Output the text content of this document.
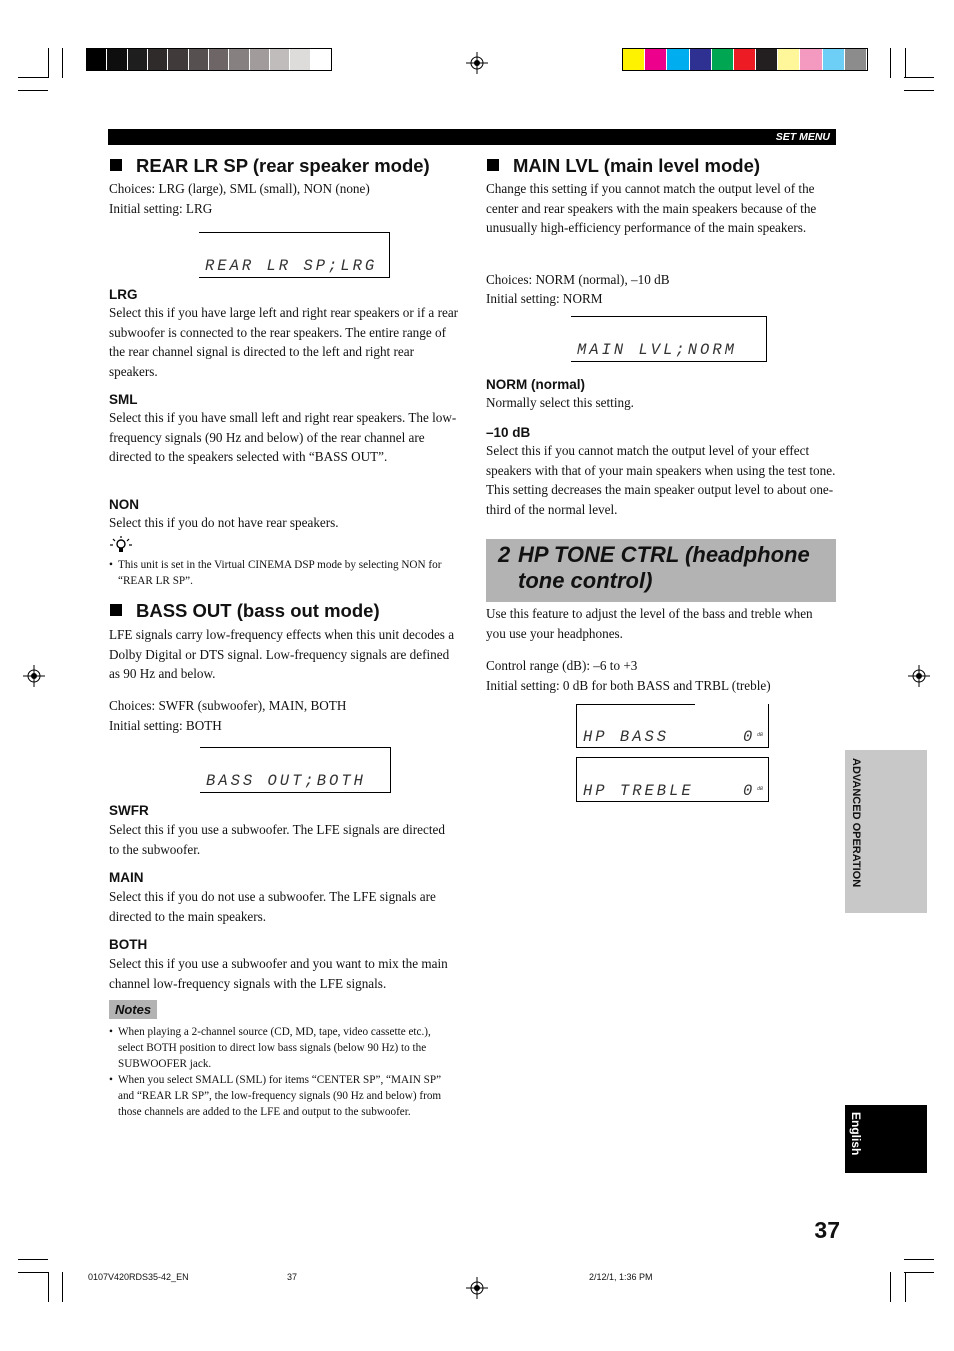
SET MENU
REAR LR SP (rear speaker mode)

Choices: LRG (large), SML (small), NON (none)

Initial setting: LRG

REAR LR SP;LRG
LRG

Select this if you have large left and right rear speakers or if a rear subwoofer is connected to the rear speakers. The entire range of the rear channel signal is directed to the left and right rear speakers.

SML

Select this if you have small left and right rear speakers. The low-frequency signals (90 Hz and below) of the rear channel are directed to the speakers selected with “BASS OUT”.

NON

Select this if you do not have rear speakers.

• This unit is set in the Virtual CINEMA DSP mode by selecting NON for “REAR LR SP”.
BASS OUT (bass out mode)

LFE signals carry low-frequency effects when this unit decodes a Dolby Digital or DTS signal. Low-frequency signals are defined as 90 Hz and below.

Choices: SWFR (subwoofer), MAIN, BOTH

Initial setting: BOTH

BASS OUT;BOTH
SWFR

Select this if you use a subwoofer. The LFE signals are directed to the subwoofer.

MAIN

Select this if you do not use a subwoofer. The LFE signals are directed to the main speakers.

BOTH

Select this if you use a subwoofer and you want to mix the main channel low-frequency signals with the LFE signals.

Notes
• When playing a 2-channel source (CD, MD, tape, video cassette etc.), select BOTH position to direct low bass signals (below 90 Hz) to the SUBWOOFER jack.
• When you select SMALL (SML) for items “CENTER SP”, “MAIN SP” and “REAR LR SP”, the low-frequency signals (90 Hz and below) from those channels are added to the LFE and output to the subwoofer.
MAIN LVL (main level mode)

Change this setting if you cannot match the output level of the center and rear speakers with the main speakers because of the unusually high-efficiency performance of the main speakers.

Choices: NORM (normal), –10 dB

Initial setting: NORM

MAIN LVL;NORM
NORM (normal)

Normally select this setting.

–10 dB

Select this if you cannot match the output level of your effect speakers with that of your main speakers when using the test tone. This setting decreases the main speaker output level to about one-third of the normal level.

2 HP TONE CTRL (headphone tone control)

Use this feature to adjust the level of the bass and treble when you use your headphones.

Control range (dB): –6 to +3

Initial setting: 0 dB for both BASS and TRBL (treble)

HP BASS	0 dB
HP TREBLE	0 dB	ADVANCED OPERATION
English
37
0107V420RDS35-42_EN	37	2/12/1, 1:36 PM
